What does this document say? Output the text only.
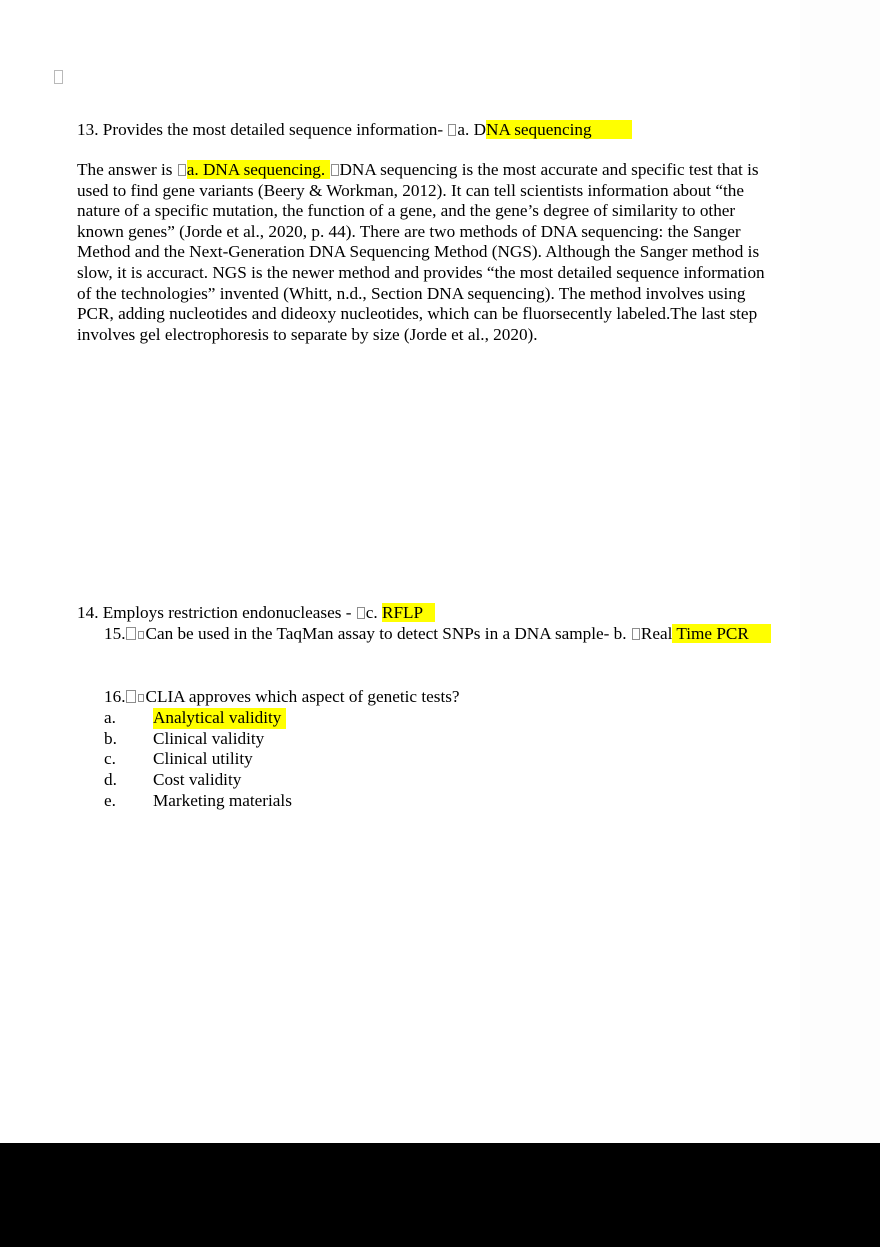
13. Provides the most detailed sequence information- a. DNA sequencing
The answer is a. DNA sequencing. DNA sequencing is the most accurate and specific test that is used to find gene variants (Beery & Workman, 2012). It can tell scientists information about “the nature of a specific mutation, the function of a gene, and the gene’s degree of similarity to other known genes” (Jorde et al., 2020, p. 44). There are two methods of DNA sequencing: the Sanger Method and the Next-Generation DNA Sequencing Method (NGS). Although the Sanger method is slow, it is accuract. NGS is the newer method and provides “the most detailed sequence information of the technologies” invented (Whitt, n.d., Section DNA sequencing). The method involves using PCR, adding nucleotides and dideoxy nucleotides, which can be fluorsecently labeled.The last step involves gel electrophoresis to separate by size (Jorde et al., 2020).
14. Employs restriction endonucleases - c. RFLP
15. Can be used in the TaqMan assay to detect SNPs in a DNA sample- b. Real Time PCR
16. CLIA approves which aspect of genetic tests?
a.	Analytical validity
b.	Clinical validity
c.	Clinical utility
d.	Cost validity
e.	Marketing materials
